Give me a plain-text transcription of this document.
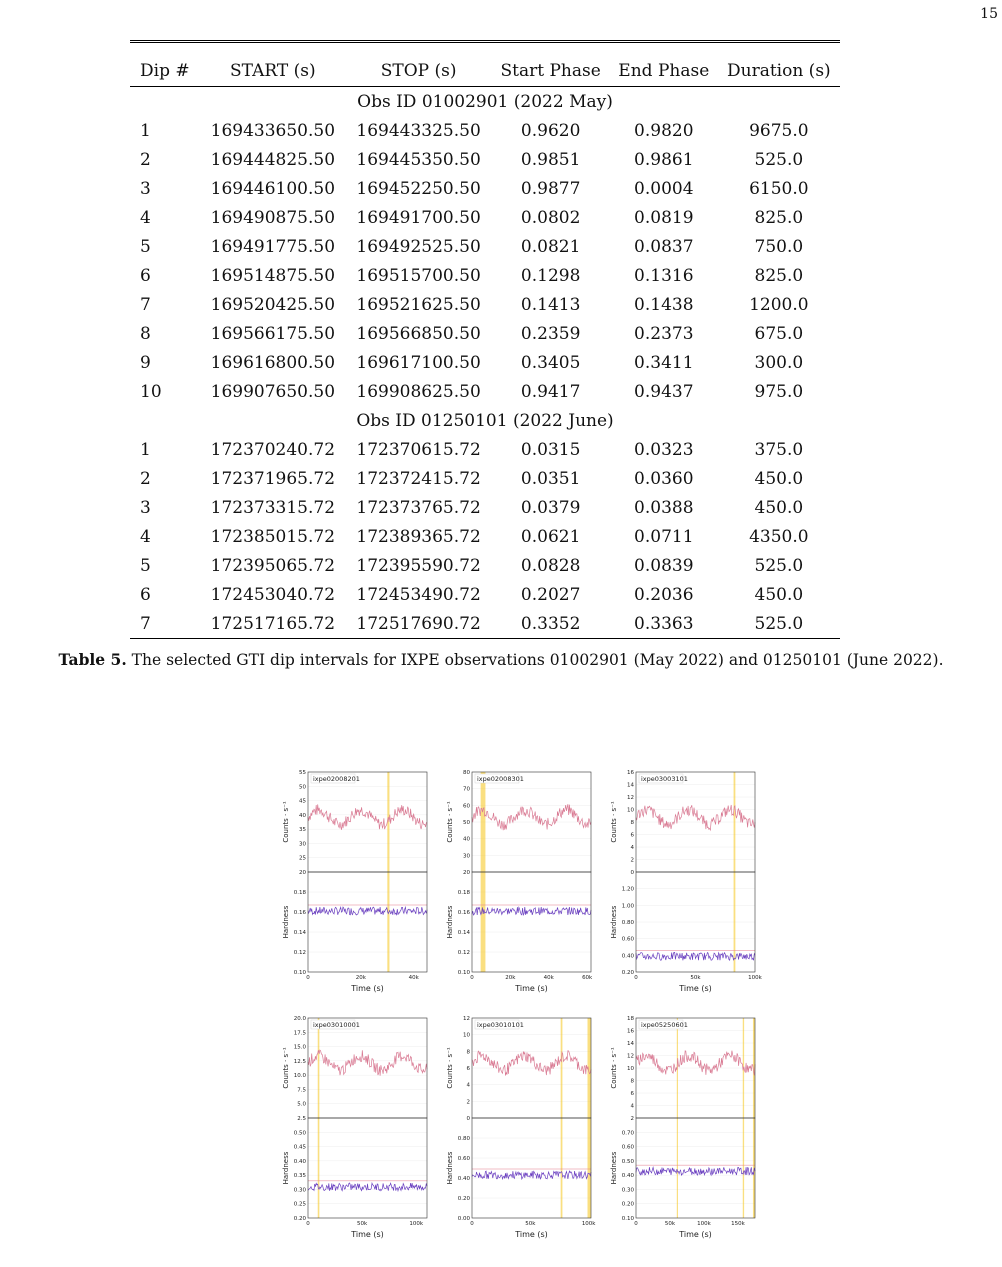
15
Dip #	START (s)	STOP (s)	Start Phase	End Phase	Duration (s)
Obs ID 01002901 (2022 May)					
1	169433650.50	169443325.50	0.9620	0.9820	9675.0
2	169444825.50	169445350.50	0.9851	0.9861	525.0
3	169446100.50	169452250.50	0.9877	0.0004	6150.0
4	169490875.50	169491700.50	0.0802	0.0819	825.0
5	169491775.50	169492525.50	0.0821	0.0837	750.0
6	169514875.50	169515700.50	0.1298	0.1316	825.0
7	169520425.50	169521625.50	0.1413	0.1438	1200.0
8	169566175.50	169566850.50	0.2359	0.2373	675.0
9	169616800.50	169617100.50	0.3405	0.3411	300.0
10	169907650.50	169908625.50	0.9417	0.9437	975.0
Obs ID 01250101 (2022 June)					
1	172370240.72	172370615.72	0.0315	0.0323	375.0
2	172371965.72	172372415.72	0.0351	0.0360	450.0
3	172373315.72	172373765.72	0.0379	0.0388	450.0
4	172385015.72	172389365.72	0.0621	0.0711	4350.0
5	172395065.72	172395590.72	0.0828	0.0839	525.0
6	172453040.72	172453490.72	0.2027	0.2036	450.0
7	172517165.72	172517690.72	0.3352	0.3363	525.0
Table 5. The selected GTI dip intervals for IXPE observations 01002901 (May 2022) and 01250101 (June 2022).
20
25
30
35
40
45
50
55
0.10
0.12
0.14
0.16
0.18
0	20k	40k
ixpe02008201
Time (s)
Counts · s⁻¹
Hardness
20
30
40
50
60
70
80
0.10
0.12
0.14
0.16
0.18
0	20k	40k	60k
ixpe02008301
Time (s)
Counts · s⁻¹
Hardness
0
2
4
6
8
10
12
14
16
0.20
0.40
0.60
0.80
1.00
1.20
0	50k	100k
ixpe03003101
Time (s)
Counts · s⁻¹
Hardness
2.5
5.0
7.5
10.0
12.5
15.0
17.5
20.0
0.20
0.25
0.30
0.35
0.40
0.45
0.50
0	50k	100k
ixpe03010001
Time (s)
Counts · s⁻¹
Hardness
0
2
4
6
8
10
12
0.00
0.20
0.40
0.60
0.80
0	50k	100k
ixpe03010101
Time (s)
Counts · s⁻¹
Hardness
2
4
6
8
10
12
14
16
18
0.10
0.20
0.30
0.40
0.50
0.60
0.70
0	50k	100k	150k
ixpe05250601
Time (s)
Counts · s⁻¹
Hardness
